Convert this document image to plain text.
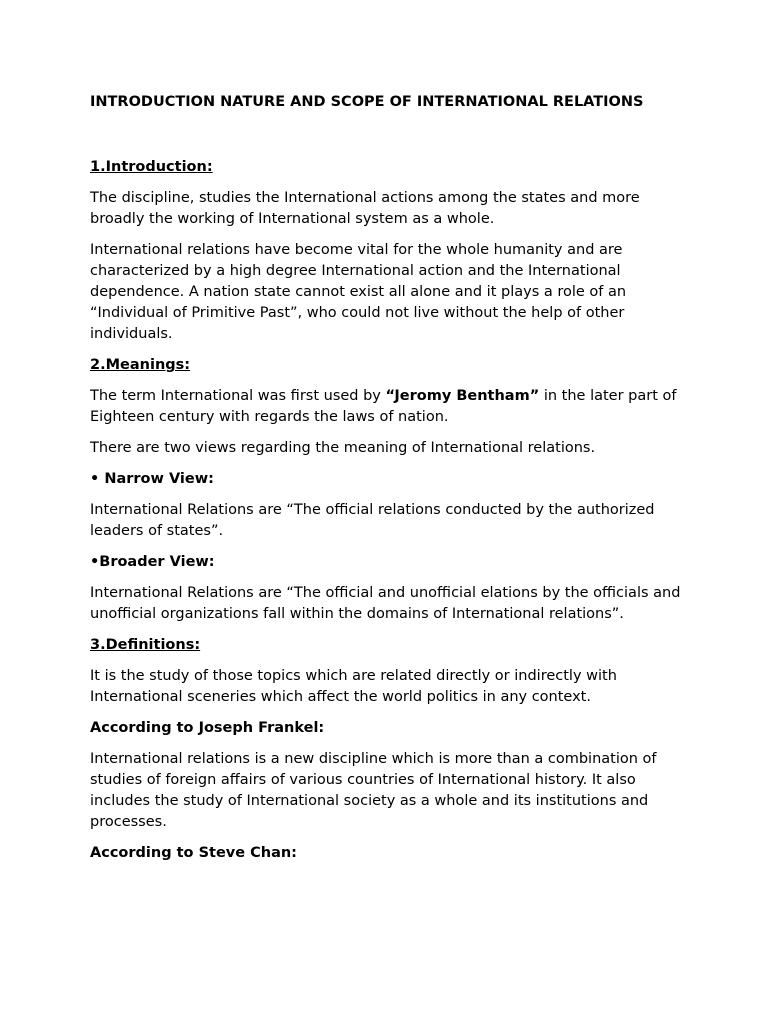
INTRODUCTION NATURE AND SCOPE OF INTERNATIONAL RELATIONS
1.Introduction:

The discipline, studies the International actions among the states and more broadly the working of International system as a whole.

International relations have become vital for the whole humanity and are characterized by a high degree International action and the International dependence. A nation state cannot exist all alone and it plays a role of an “Individual of Primitive Past”, who could not live without the help of other individuals.

2.Meanings:

The term International was first used by “Jeromy Bentham” in the later part of Eighteen century with regards the laws of nation.

There are two views regarding the meaning of International relations.

• Narrow View:

International Relations are “The official relations conducted by the authorized leaders of states”.

•Broader View:

International Relations are “The official and unofficial elations by the officials and unofficial organizations fall within the domains of International relations”.

3.Definitions:

It is the study of those topics which are related directly or indirectly with International sceneries which affect the world politics in any context.

According to Joseph Frankel:

International relations is a new discipline which is more than a combination of studies of foreign affairs of various countries of International history. It also includes the study of International society as a whole and its institutions and processes.

According to Steve Chan:
